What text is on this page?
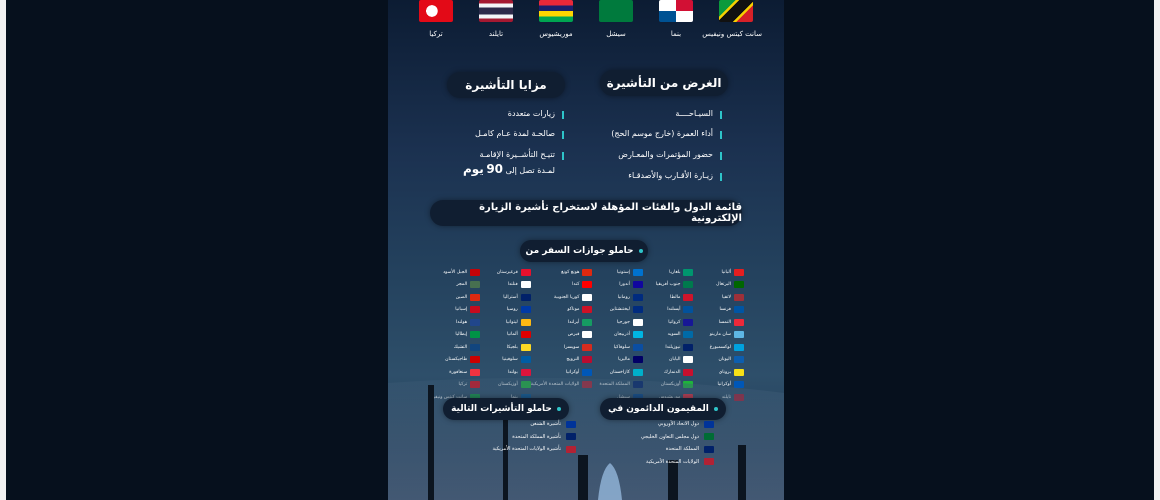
سانت كيتس ونيفيس
بنما
سيشل
موريشيوس
تايلند
تركيا
الغرض من التأشيرة
السيـاحــــة
أداء العمرة (خارج موسم الحج)
حضور المؤتمرات والمعـارض
زيـارة الأقـارب والأصدقـاء
مزايا التأشيرة
زيارات متعددة
صالحـة لمدة عـام كامـل
تتيـح التأشــيرة الإقامـة
لمـدة تصل إلى 90 يوم
قائمة الدول والفئات المؤهلة لاستخراج تأشيرة الزيارة الإلكترونية
حاملو جوازات السفر من
ألبانيا
بلغاريا
إستونيا
هونغ كونغ
قرغيزستان
الجبل الأسود
البرتغال
جنوب أفريقيا
أندورا
كندا
فنلندا
المجر
لاتفيا
مالطا
رومانيا
كوريا الجنوبية
أستراليا
الصين
فرنسا
أيسلندا
ليختنشتاين
موناكو
روسيا
إسبانيا
النمسا
كرواتيا
جورجيا
أيرلندا
ليتوانيا
هولندا
سان مارينو
السويد
أذربيجان
قبرص
ألمانيا
إيطاليا
لوكسمبورغ
نيوزيلندا
سلوفاكيا
سويسرا
بلجيكا
التشيك
اليونان
اليابان
ماليزيا
النرويج
سلوفينيا
طاجيكستان
بروناي
الدنمارك
كازاخستان
أوكرانيا
بولندا
سنغافورة
أوكرانيا
المقيمون الدائمون في
دول الاتحاد الأوروبي
دول مجلس التعاون الخليجي
المملكة المتحدة
الولايات المتحدة الأمريكية
حاملو التأشيرات التالية
تأشيرة الشنغن
تأشيرة المملكة المتحدة
تأشيرة الولايات المتحدة الأمريكية
